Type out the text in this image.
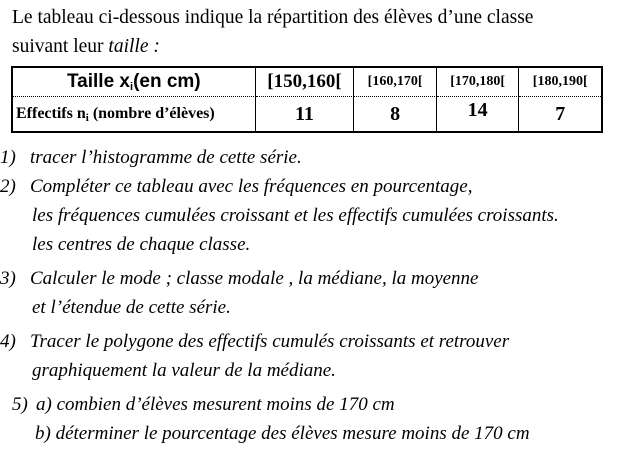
Le tableau ci-dessous indique la répartition des élèves d’une classe
suivant leur taille :
Taille $x_i(en$ cm)	[150,160[	[160,170[	[170,180[	[180,190[
Effectifs $n_i$ (nombre d’élèves)	11	8	14	7
1) tracer l’histogramme de cette série.
2) Compléter ce tableau avec les fréquences en pourcentage,
les fréquences cumulées croissant et les effectifs cumulées croissants.
les centres de chaque classe.
3) Calculer le mode ; classe modale , la médiane, la moyenne
et l’étendue de cette série.
4) Tracer le polygone des effectifs cumulés croissants et retrouver
graphiquement la valeur de la médiane.
5) a) combien d’élèves mesurent moins de 170 cm
b) déterminer le pourcentage des élèves mesure moins de 170 cm
